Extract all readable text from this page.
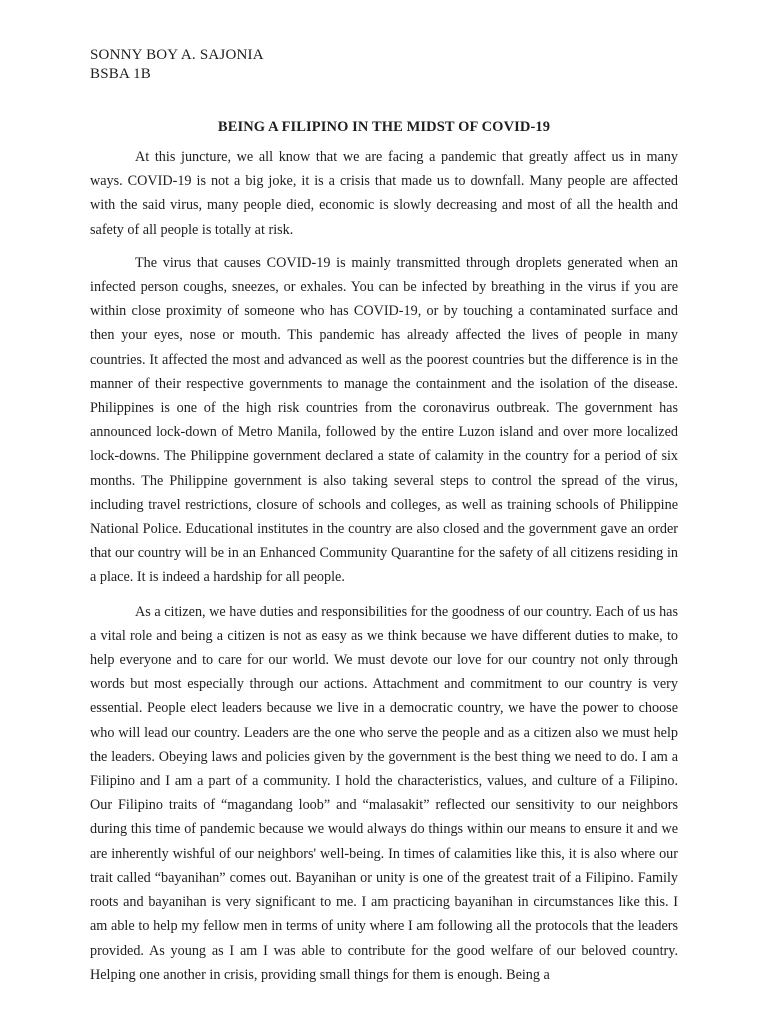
SONNY BOY A. SAJONIA
BSBA 1B
BEING A FILIPINO IN THE MIDST OF COVID-19

At this juncture, we all know that we are facing a pandemic that greatly affect us in many ways. COVID-19 is not a big joke, it is a crisis that made us to downfall. Many people are affected with the said virus, many people died, economic is slowly decreasing and most of all the health and safety of all people is totally at risk.

The virus that causes COVID-19 is mainly transmitted through droplets generated when an infected person coughs, sneezes, or exhales. You can be infected by breathing in the virus if you are within close proximity of someone who has COVID-19, or by touching a contaminated surface and then your eyes, nose or mouth. This pandemic has already affected the lives of people in many countries. It affected the most and advanced as well as the poorest countries but the difference is in the manner of their respective governments to manage the containment and the isolation of the disease. Philippines is one of the high risk countries from the coronavirus outbreak. The government has announced lock-down of Metro Manila, followed by the entire Luzon island and over more localized lock-downs. The Philippine government declared a state of calamity in the country for a period of six months. The Philippine government is also taking several steps to control the spread of the virus, including travel restrictions, closure of schools and colleges, as well as training schools of Philippine National Police. Educational institutes in the country are also closed and the government gave an order that our country will be in an Enhanced Community Quarantine for the safety of all citizens residing in a place. It is indeed a hardship for all people.

As a citizen, we have duties and responsibilities for the goodness of our country. Each of us has a vital role and being a citizen is not as easy as we think because we have different duties to make, to help everyone and to care for our world. We must devote our love for our country not only through words but most especially through our actions. Attachment and commitment to our country is very essential. People elect leaders because we live in a democratic country, we have the power to choose who will lead our country. Leaders are the one who serve the people and as a citizen also we must help the leaders. Obeying laws and policies given by the government is the best thing we need to do. I am a Filipino and I am a part of a community. I hold the characteristics, values, and culture of a Filipino. Our Filipino traits of “magandang loob” and “malasakit” reflected our sensitivity to our neighbors during this time of pandemic because we would always do things within our means to ensure it and we are inherently wishful of our neighbors' well-being. In times of calamities like this, it is also where our trait called “bayanihan” comes out. Bayanihan or unity is one of the greatest trait of a Filipino. Family roots and bayanihan is very significant to me. I am practicing bayanihan in circumstances like this. I am able to help my fellow men in terms of unity where I am following all the protocols that the leaders provided. As young as I am I was able to contribute for the good welfare of our beloved country. Helping one another in crisis, providing small things for them is enough. Being a
